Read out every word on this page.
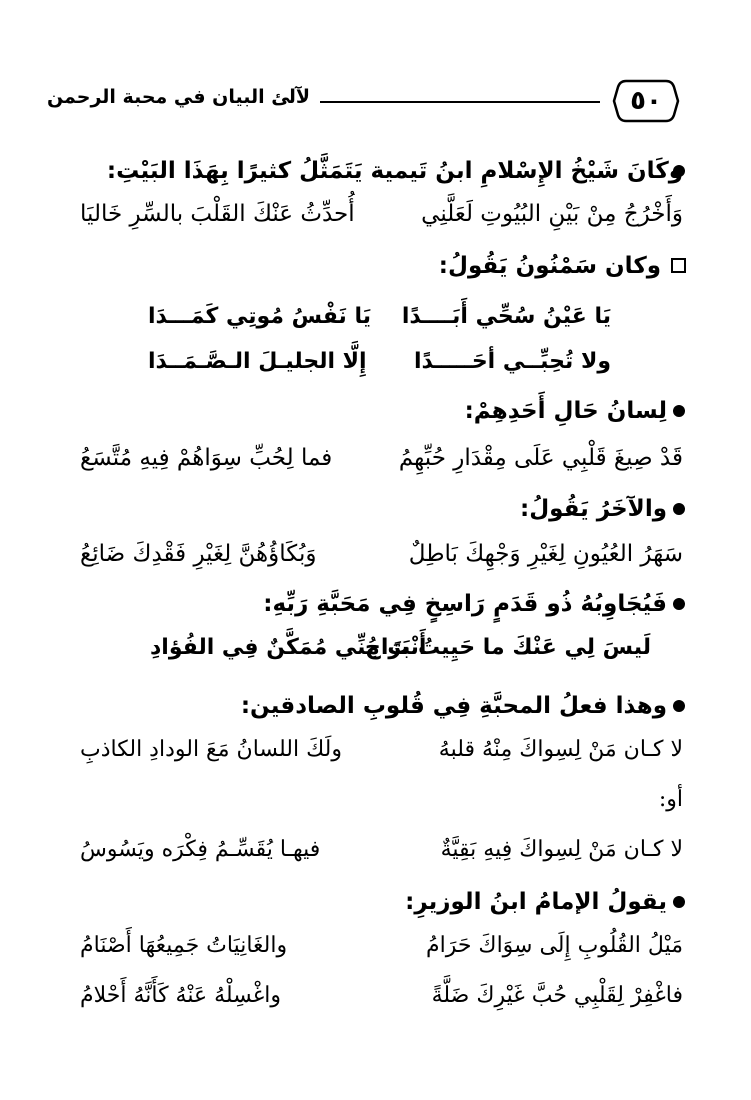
٥٠
لآلئ البيان في محبة الرحمن
وكَانَ شَيْخُ الإِسْلامِ ابنُ تَيمية يَتَمَثَّلُ كثيرًا بِهَذَا البَيْتِ:
وَأَخْرُجُ مِنْ بَيْنِ البُيُوتِ لَعَلَّنِي
أُحدِّثُ عَنْكَ القَلْبَ بالسِّرِ خَاليَا
وكان سَمْنُونُ يَقُولُ:
يَا عَيْنُ سُحِّي أَبَــــدًا
يَا نَفْسُ مُوتِي كَمَـــدَا
ولا تُحِبِّــي أحَـــــدًا
إِلَّا الجليـلَ الـصَّـمَــدَا
لِسانُ حَالِ أَحَدِهِمْ:
قَدْ صِيغَ قَلْبِي عَلَى مِقْدَارِ حُبِّهِمُ
فما لِحُبِّ سِوَاهُمْ فِيهِ مُتَّسَعُ
والآخَرُ يَقُولُ:
سَهَرُ العُيُونِ لِغَيْرِ وَجْهِكَ بَاطِلٌ
وَبُكَاؤُهُنَّ لِغَيْرِ فَقْدِكَ ضَائِعُ
فَيُجَاوِبُهُ ذُو قَدَمٍ رَاسِخٍ فِي مَحَبَّةِ رَبِّهِ:
لَيسَ لِي عَنْكَ ما حَيِيتُ بَرَاحُ
أَنْتَ مِنِّي مُمَكَّنٌ فِي الفُؤادِ
وهذا فعلُ المحبَّةِ فِي قُلوبِ الصادقين:
لا كـان مَنْ لِسِواكَ مِنْهُ قلبهُ
ولَكَ اللسانُ مَعَ الودادِ الكاذبِ
أو:
لا كـان مَنْ لِسِواكَ فِيهِ بَقِيَّةٌ
فيهـا يُقَسِّـمُ فِكْرَه ويَسُوسُ
يقولُ الإمامُ ابنُ الوزيرِ:
مَيْلُ القُلُوبِ إِلَى سِوَاكَ حَرَامُ
والغَانِيَاتُ جَمِيعُهَا أَصْنَامُ
فاغْفِرْ لِقَلْبِي حُبَّ غَيْرِكَ ضَلَّةً
واغْسِلْهُ عَنْهُ كَأَنَّهُ أَحْلامُ
